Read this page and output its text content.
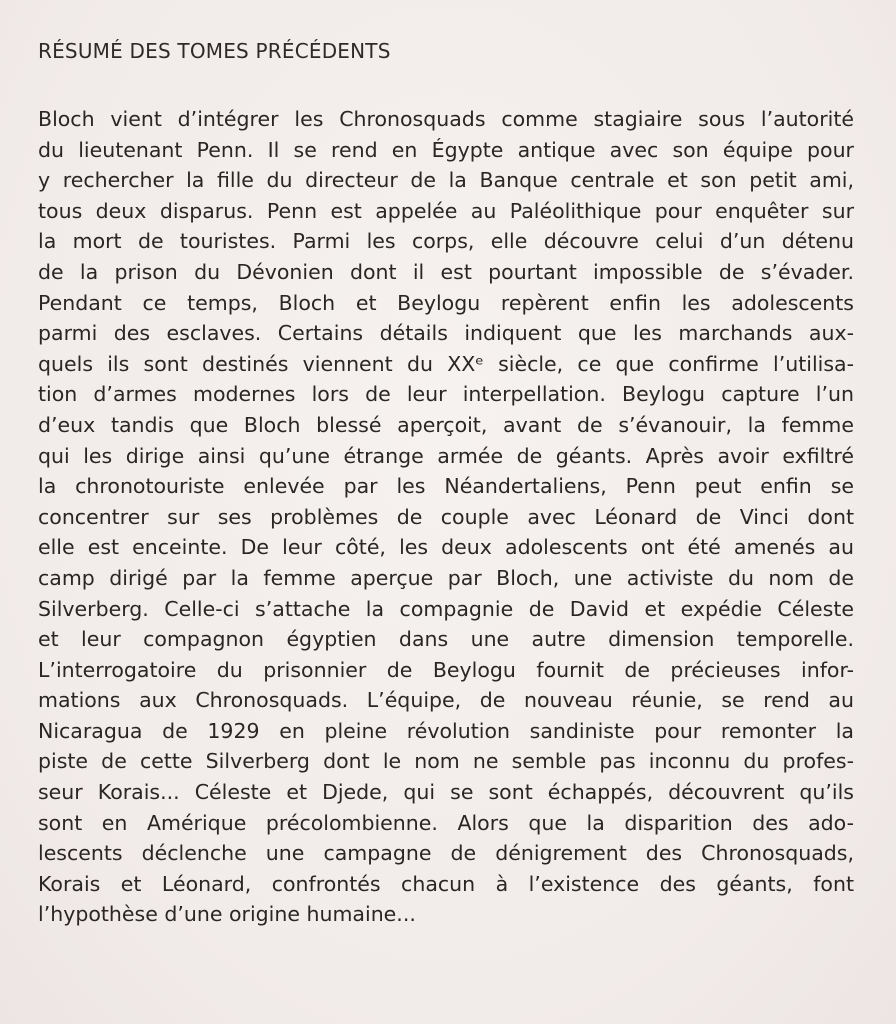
RÉSUMÉ DES TOMES PRÉCÉDENTS
Bloch vient d’intégrer les Chronosquads comme stagiaire sous l’autorité
du lieutenant Penn. Il se rend en Égypte antique avec son équipe pour
y rechercher la fille du directeur de la Banque centrale et son petit ami,
tous deux disparus. Penn est appelée au Paléolithique pour enquêter sur
la mort de touristes. Parmi les corps, elle découvre celui d’un détenu
de la prison du Dévonien dont il est pourtant impossible de s’évader.
Pendant ce temps, Bloch et Beylogu repèrent enfin les adolescents
parmi des esclaves. Certains détails indiquent que les marchands aux-
quels ils sont destinés viennent du XXᵉ siècle, ce que confirme l’utilisa-
tion d’armes modernes lors de leur interpellation. Beylogu capture l’un
d’eux tandis que Bloch blessé aperçoit, avant de s’évanouir, la femme
qui les dirige ainsi qu’une étrange armée de géants. Après avoir exfiltré
la chronotouriste enlevée par les Néandertaliens, Penn peut enfin se
concentrer sur ses problèmes de couple avec Léonard de Vinci dont
elle est enceinte. De leur côté, les deux adolescents ont été amenés au
camp dirigé par la femme aperçue par Bloch, une activiste du nom de
Silverberg. Celle-ci s’attache la compagnie de David et expédie Céleste
et leur compagnon égyptien dans une autre dimension temporelle.
L’interrogatoire du prisonnier de Beylogu fournit de précieuses infor-
mations aux Chronosquads. L’équipe, de nouveau réunie, se rend au
Nicaragua de 1929 en pleine révolution sandiniste pour remonter la
piste de cette Silverberg dont le nom ne semble pas inconnu du profes-
seur Korais... Céleste et Djede, qui se sont échappés, découvrent qu’ils
sont en Amérique précolombienne. Alors que la disparition des ado-
lescents déclenche une campagne de dénigrement des Chronosquads,
Korais et Léonard, confrontés chacun à l’existence des géants, font
l’hypothèse d’une origine humaine...
